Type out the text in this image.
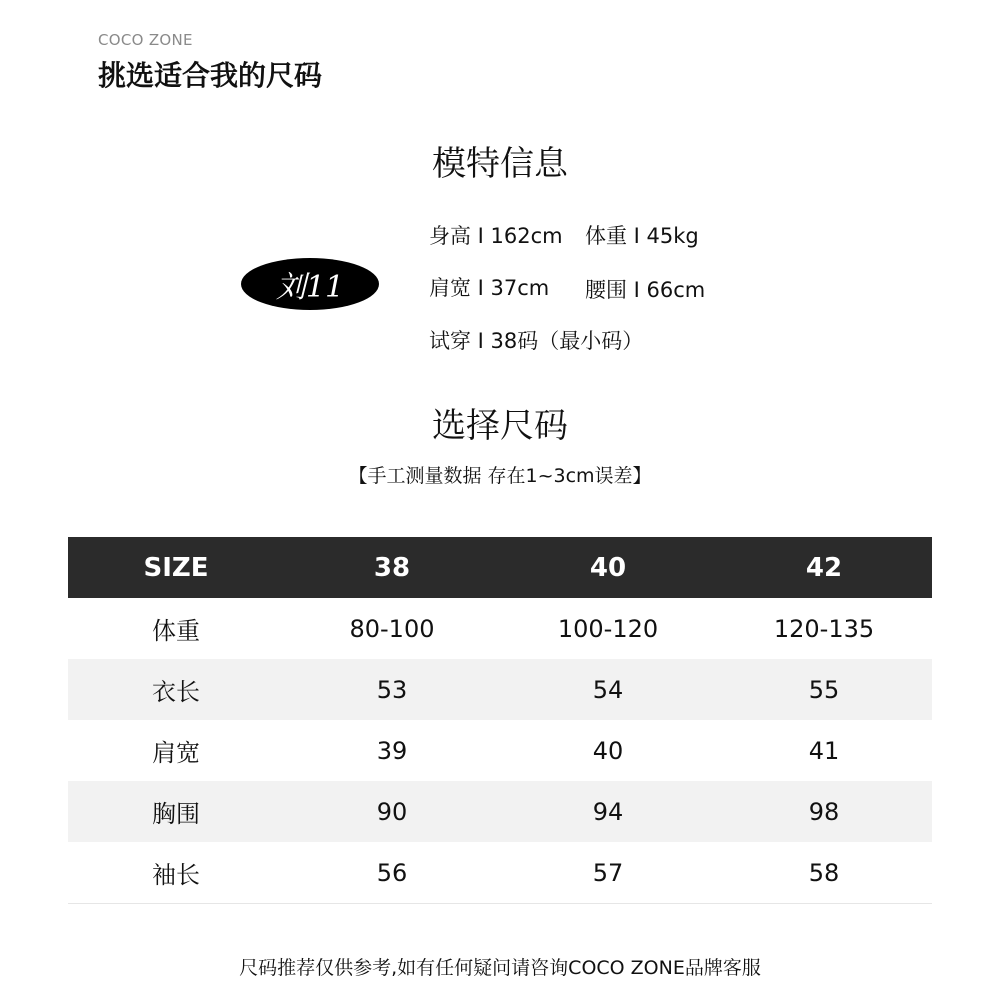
COCO ZONE
挑选适合我的尺码
模特信息
刘11
身高 I 162cm 体重 I 45kg
肩宽 I 37cm 腰围 I 66cm
试穿 I 38码（最小码）
选择尺码
【手工测量数据 存在1~3cm误差】
SIZE	38	40	42
体重	80-100	100-120	120-135
衣长	53	54	55
肩宽	39	40	41
胸围	90	94	98
袖长	56	57	58
尺码推荐仅供参考,如有任何疑问请咨询COCO ZONE品牌客服
